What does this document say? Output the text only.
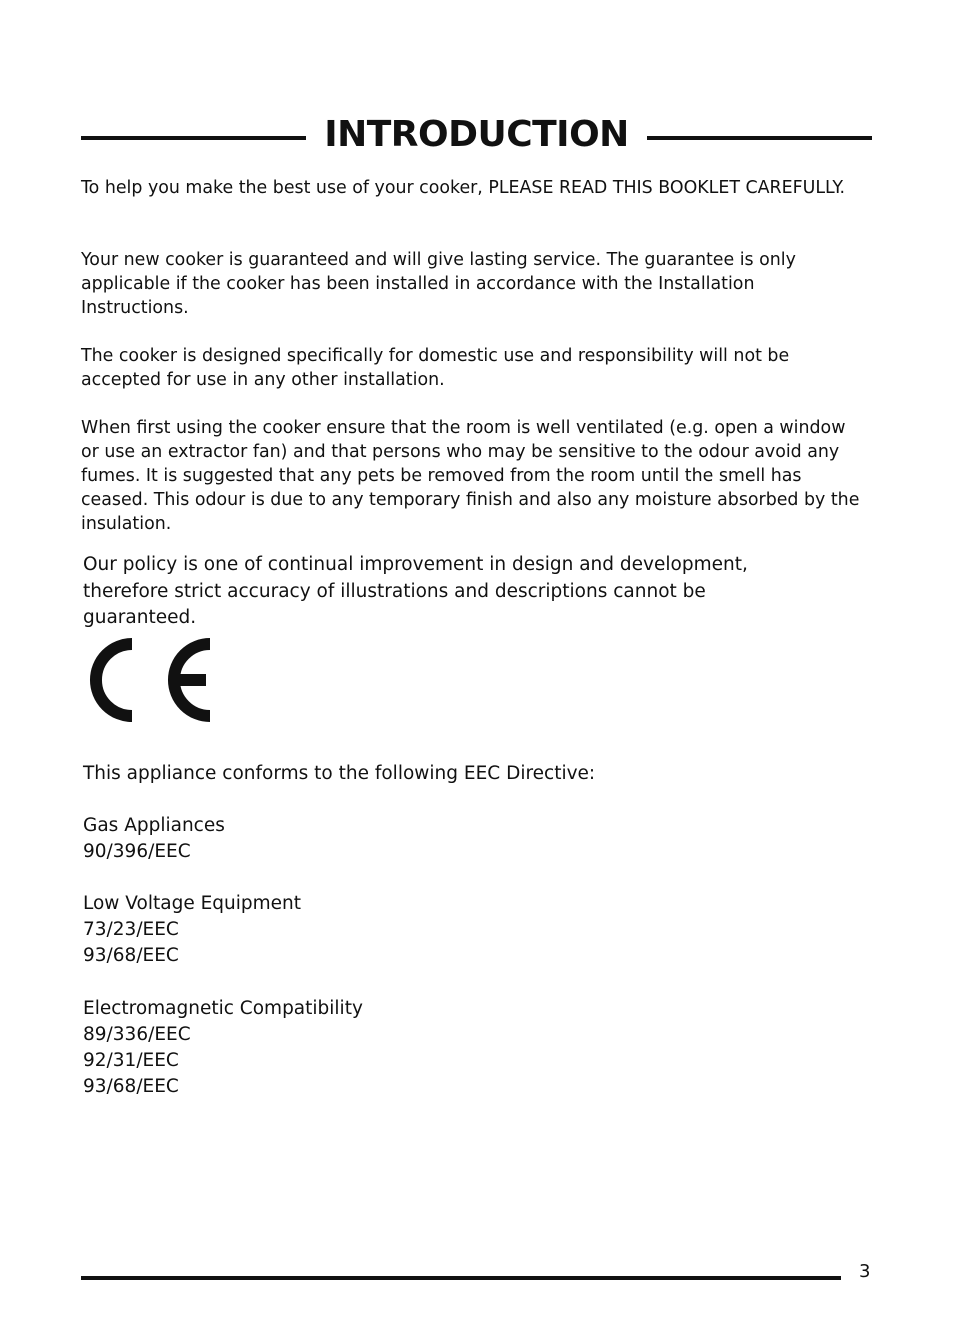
INTRODUCTION

To help you make the best use of your cooker, PLEASE READ THIS BOOKLET CAREFULLY.

Your new cooker is guaranteed and will give lasting service. The guarantee is only applicable if the cooker has been installed in accordance with the Installation Instructions.

The cooker is designed specifically for domestic use and responsibility will not be accepted for use in any other installation.

When first using the cooker ensure that the room is well ventilated (e.g. open a window or use an extractor fan) and that persons who may be sensitive to the odour avoid any fumes. It is suggested that any pets be removed from the room until the smell has ceased. This odour is due to any temporary finish and also any moisture absorbed by the insulation.

Our policy is one of continual improvement in design and development, therefore strict accuracy of illustrations and descriptions cannot be guaranteed.

This appliance conforms to the following EEC Directive:
Gas Appliances
90/396/EEC
Low Voltage Equipment
73/23/EEC
93/68/EEC
Electromagnetic Compatibility
89/336/EEC
92/31/EEC
93/68/EEC
3
